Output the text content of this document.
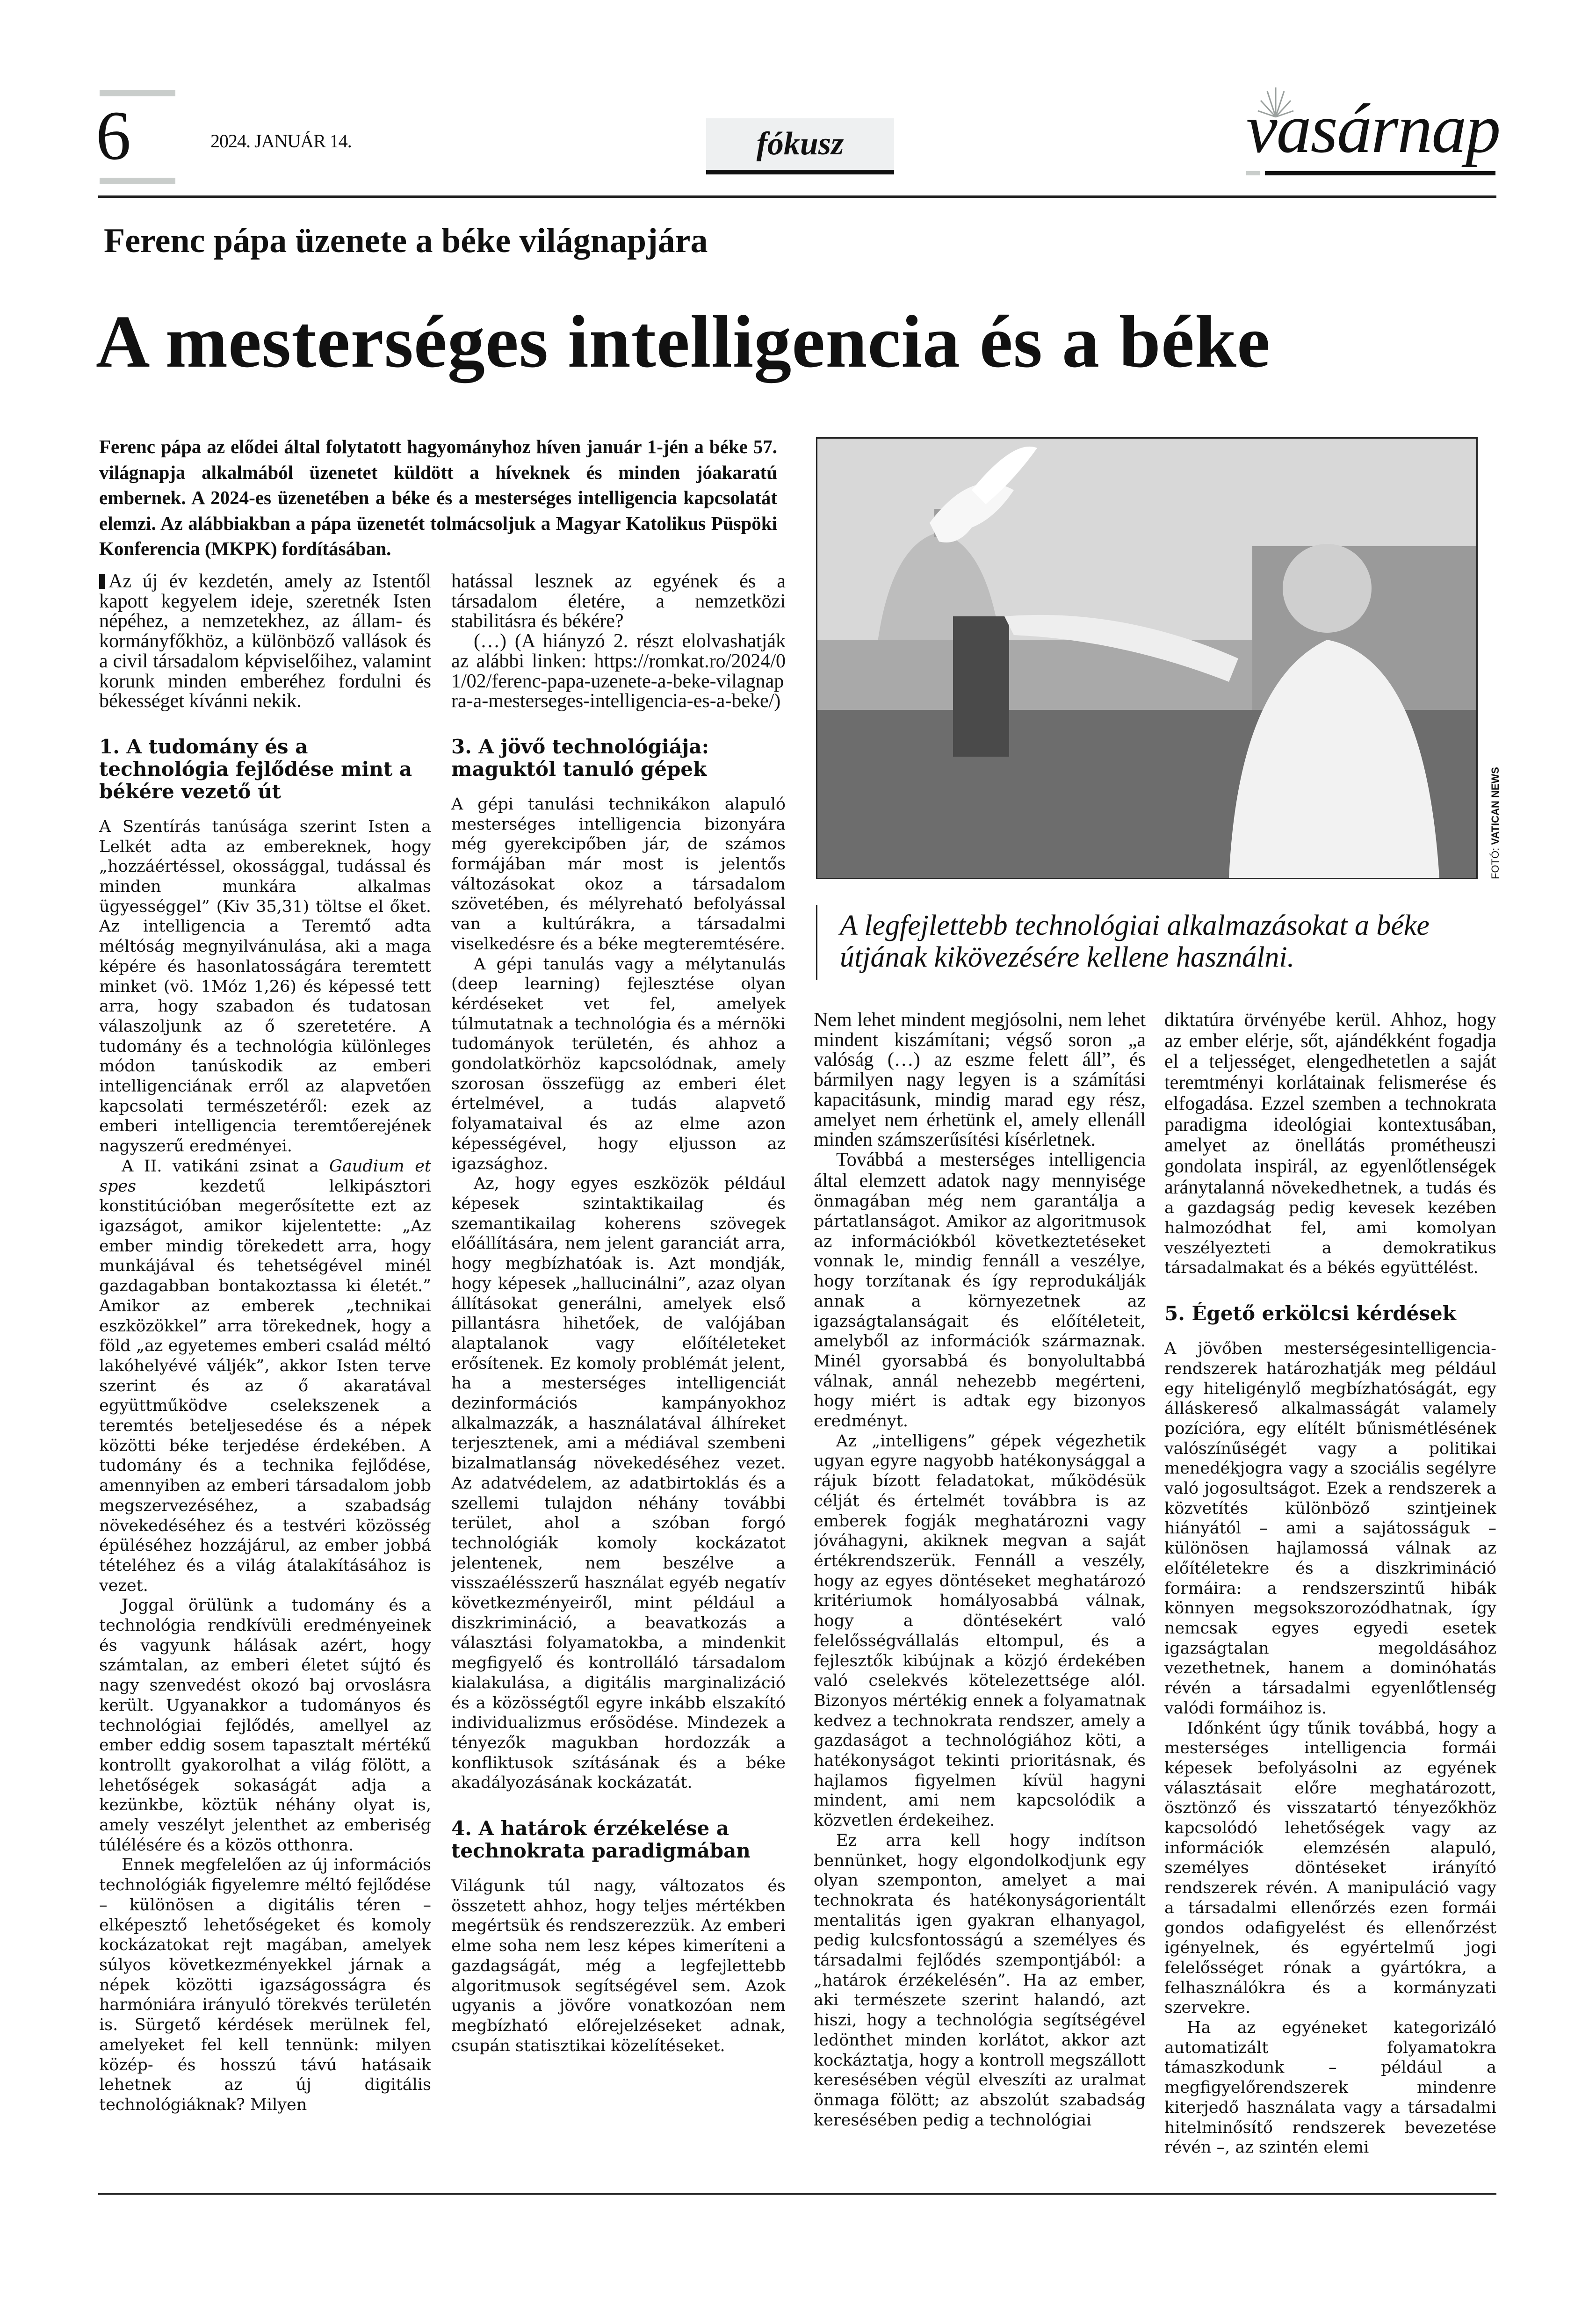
6	2024. JANUÁR 14.	fókusz	vasárnap
Ferenc pápa üzenete a béke világnapjára
A mesterséges intelligencia és a béke
Ferenc pápa az elődei által folytatott hagyományhoz híven január 1-jén a béke 57. világnapja alkalmából üzenetet küldött a híveknek és minden jóakaratú embernek. A 2024-es üzenetében a béke és a mesterséges intelligencia kapcsolatát elemzi. Az alábbiakban a pápa üzenetét tolmácsoljuk a Magyar Katolikus Püspöki Konferencia (MKPK) fordításában.
FOTÓ: VATICAN NEWS
A legfejlettebb technológiai alkalmazásokat a béke útjának kikövezésére kellene használni.

Az új év kezdetén, amely az Istentől kapott kegyelem ideje, szeretnék Isten népéhez, a nemzetekhez, az állam- és kormányfőkhöz, a különböző vallások és a civil társadalom képviselőihez, valamint korunk minden emberéhez fordulni és békességet kívánni nekik.

1. A tudomány és a technológia fejlődése mint a békére vezető út

A Szentírás tanúsága szerint Isten a Lelkét adta az embereknek, hogy „hozzáértéssel, okossággal, tudással és minden munkára alkalmas ügyességgel” (Kiv 35,31) töltse el őket. Az intelligencia a Teremtő adta méltóság megnyilvánulása, aki a maga képére és hasonlatosságára teremtett minket (vö. 1Móz 1,26) és képessé tett arra, hogy szabadon és tudatosan válaszoljunk az ő szeretetére. A tudomány és a technológia különleges módon tanúskodik az emberi intelligenciának erről az alapvetően kapcsolati természetéről: ezek az emberi intelligencia teremtőerejének nagyszerű eredményei.

A II. vatikáni zsinat a Gaudium et spes kezdetű lelkipásztori konstitúcióban megerősítette ezt az igazságot, amikor kijelentette: „Az ember mindig törekedett arra, hogy munkájával és tehetségével minél gazdagabban bontakoztassa ki életét.” Amikor az emberek „technikai eszközökkel” arra törekednek, hogy a föld „az egyetemes emberi család méltó lakóhelyévé váljék”, akkor Isten terve szerint és az ő akaratával együttműködve cselekszenek a teremtés beteljesedése és a népek közötti béke terjedése érdekében. A tudomány és a technika fejlődése, amennyiben az emberi társadalom jobb megszervezéséhez, a szabadság növekedéséhez és a testvéri közösség épüléséhez hozzájárul, az ember jobbá tételéhez és a világ átalakításához is vezet.

Joggal örülünk a tudomány és a technológia rendkívüli eredményeinek és vagyunk hálásak azért, hogy számtalan, az emberi életet sújtó és nagy szenvedést okozó baj orvoslásra került. Ugyanakkor a tudományos és technológiai fejlődés, amellyel az ember eddig sosem tapasztalt mértékű kontrollt gyakorolhat a világ fölött, a lehetőségek sokaságát adja a kezünkbe, köztük néhány olyat is, amely veszélyt jelenthet az emberiség túlélésére és a közös otthonra.

Ennek megfelelően az új információs technológiák figyelemre méltó fejlődése – különösen a digitális téren – elképesztő lehetőségeket és komoly kockázatokat rejt magában, amelyek súlyos következményekkel járnak a népek közötti igazságosságra és harmóniára irányuló törekvés területén is. Sürgető kérdések merülnek fel, amelyeket fel kell tennünk: milyen közép- és hosszú távú hatásaik lehetnek az új digitális technológiáknak? Milyen

hatással lesznek az egyének és a társadalom életére, a nemzetközi stabilitásra és békére?

(…) (A hiányzó 2. részt elolvashatják az alábbi linken: https://romkat.ro/2024/01/02/ferenc-papa-uzenete-a-beke-vilagnapra-a-mesterseges-intelligencia-es-a-beke/)

3. A jövő technológiája: maguktól tanuló gépek

A gépi tanulási technikákon alapuló mesterséges intelligencia bizonyára még gyerekcipőben jár, de számos formájában már most is jelentős változásokat okoz a társadalom szövetében, és mélyreható befolyással van a kultúrákra, a társadalmi viselkedésre és a béke megteremtésére.

A gépi tanulás vagy a mélytanulás (deep learning) fejlesztése olyan kérdéseket vet fel, amelyek túlmutatnak a technológia és a mérnöki tudományok területén, és ahhoz a gondolatkörhöz kapcsolódnak, amely szorosan összefügg az emberi élet értelmével, a tudás alapvető folyamataival és az elme azon képességével, hogy eljusson az igazsághoz.

Az, hogy egyes eszközök például képesek szintaktikailag és szemantikailag koherens szövegek előállítására, nem jelent garanciát arra, hogy megbízhatóak is. Azt mondják, hogy képesek „hallucinálni”, azaz olyan állításokat generálni, amelyek első pillantásra hihetőek, de valójában alaptalanok vagy előítéleteket erősítenek. Ez komoly problémát jelent, ha a mesterséges intelligenciát dezinformációs kampányokhoz alkalmazzák, a használatával álhíreket terjesztenek, ami a médiával szembeni bizalmatlanság növekedéséhez vezet. Az adatvédelem, az adatbirtoklás és a szellemi tulajdon néhány további terület, ahol a szóban forgó technológiák komoly kockázatot jelentenek, nem beszélve a visszaélésszerű használat egyéb negatív következményeiről, mint például a diszkrimináció, a beavatkozás a választási folyamatokba, a mindenkit megfigyelő és kontrolláló társadalom kialakulása, a digitális marginalizáció és a közösségtől egyre inkább elszakító individualizmus erősödése. Mindezek a tényezők magukban hordozzák a konfliktusok szításának és a béke akadályozásának kockázatát.

4. A határok érzékelése a technokrata paradigmában

Világunk túl nagy, változatos és összetett ahhoz, hogy teljes mértékben megértsük és rendszerezzük. Az emberi elme soha nem lesz képes kimeríteni a gazdagságát, még a legfejlettebb algoritmusok segítségével sem. Azok ugyanis a jövőre vonatkozóan nem megbízható előrejelzéseket adnak, csupán statisztikai közelítéseket.

Nem lehet mindent megjósolni, nem lehet mindent kiszámítani; végső soron „a valóság (…) az eszme felett áll”, és bármilyen nagy legyen is a számítási kapacitásunk, mindig marad egy rész, amelyet nem érhetünk el, amely ellenáll minden számszerűsítési kísérletnek.

Továbbá a mesterséges intelligencia által elemzett adatok nagy mennyisége önmagában még nem garantálja a pártatlanságot. Amikor az algoritmusok az információkból következtetéseket vonnak le, mindig fennáll a veszélye, hogy torzítanak és így reprodukálják annak a környezetnek az igazságtalanságait és előítéleteit, amelyből az információk származnak. Minél gyorsabbá és bonyolultabbá válnak, annál nehezebb megérteni, hogy miért is adtak egy bizonyos eredményt.

Az „intelligens” gépek végezhetik ugyan egyre nagyobb hatékonysággal a rájuk bízott feladatokat, működésük célját és értelmét továbbra is az emberek fogják meghatározni vagy jóváhagyni, akiknek megvan a saját értékrendszerük. Fennáll a veszély, hogy az egyes döntéseket meghatározó kritériumok homályosabbá válnak, hogy a döntésekért való felelősségvállalás eltompul, és a fejlesztők kibújnak a közjó érdekében való cselekvés kötelezettsége alól. Bizonyos mértékig ennek a folyamatnak kedvez a technokrata rendszer, amely a gazdaságot a technológiához köti, a hatékonyságot tekinti prioritásnak, és hajlamos figyelmen kívül hagyni mindent, ami nem kapcsolódik a közvetlen érdekeihez.

Ez arra kell hogy indítson bennünket, hogy elgondolkodjunk egy olyan szemponton, amelyet a mai technokrata és hatékonyságorientált mentalitás igen gyakran elhanyagol, pedig kulcsfontosságú a személyes és társadalmi fejlődés szempontjából: a „határok érzékelésén”. Ha az ember, aki természete szerint halandó, azt hiszi, hogy a technológia segítségével ledönthet minden korlátot, akkor azt kockáztatja, hogy a kontroll megszállott keresésében végül elveszíti az uralmat önmaga fölött; az abszolút szabadság keresésében pedig a technológiai

diktatúra örvényébe kerül. Ahhoz, hogy az ember elérje, sőt, ajándékként fogadja el a teljességet, elengedhetetlen a saját teremtményi korlátainak felismerése és elfogadása. Ezzel szemben a technokrata paradigma ideológiai kontextusában, amelyet az önellátás prométheuszi gondolata inspirál, az egyenlőtlenségek aránytalanná növekedhetnek, a tudás és a gazdagság pedig kevesek kezében halmozódhat fel, ami komolyan veszélyezteti a demokratikus társadalmakat és a békés együttélést.

5. Égető erkölcsi kérdések

A jövőben mesterségesintelligencia-rendszerek határozhatják meg például egy hiteligénylő megbízhatóságát, egy álláskereső alkalmasságát valamely pozícióra, egy elítélt bűnismétlésének valószínűségét vagy a politikai menedékjogra vagy a szociális segélyre való jogosultságot. Ezek a rendszerek a közvetítés különböző szintjeinek hiányától – ami a sajátosságuk – különösen hajlamossá válnak az előítéletekre és a diszkrimináció formáira: a rendszerszintű hibák könnyen megsokszorozódhatnak, így nemcsak egyes egyedi esetek igazságtalan megoldásához vezethetnek, hanem a dominóhatás révén a társadalmi egyenlőtlenség valódi formáihoz is.

Időnként úgy tűnik továbbá, hogy a mesterséges intelligencia formái képesek befolyásolni az egyének választásait előre meghatározott, ösztönző és visszatartó tényezőkhöz kapcsolódó lehetőségek vagy az információk elemzésén alapuló, személyes döntéseket irányító rendszerek révén. A manipuláció vagy a társadalmi ellenőrzés ezen formái gondos odafigyelést és ellenőrzést igényelnek, és egyértelmű jogi felelősséget rónak a gyártókra, a felhasználókra és a kormányzati szervekre.

Ha az egyéneket kategorizáló automatizált folyamatokra támaszkodunk – például a megfigyelőrendszerek mindenre kiterjedő használata vagy a társadalmi hitelminősítő rendszerek bevezetése révén –, az szintén elemi
